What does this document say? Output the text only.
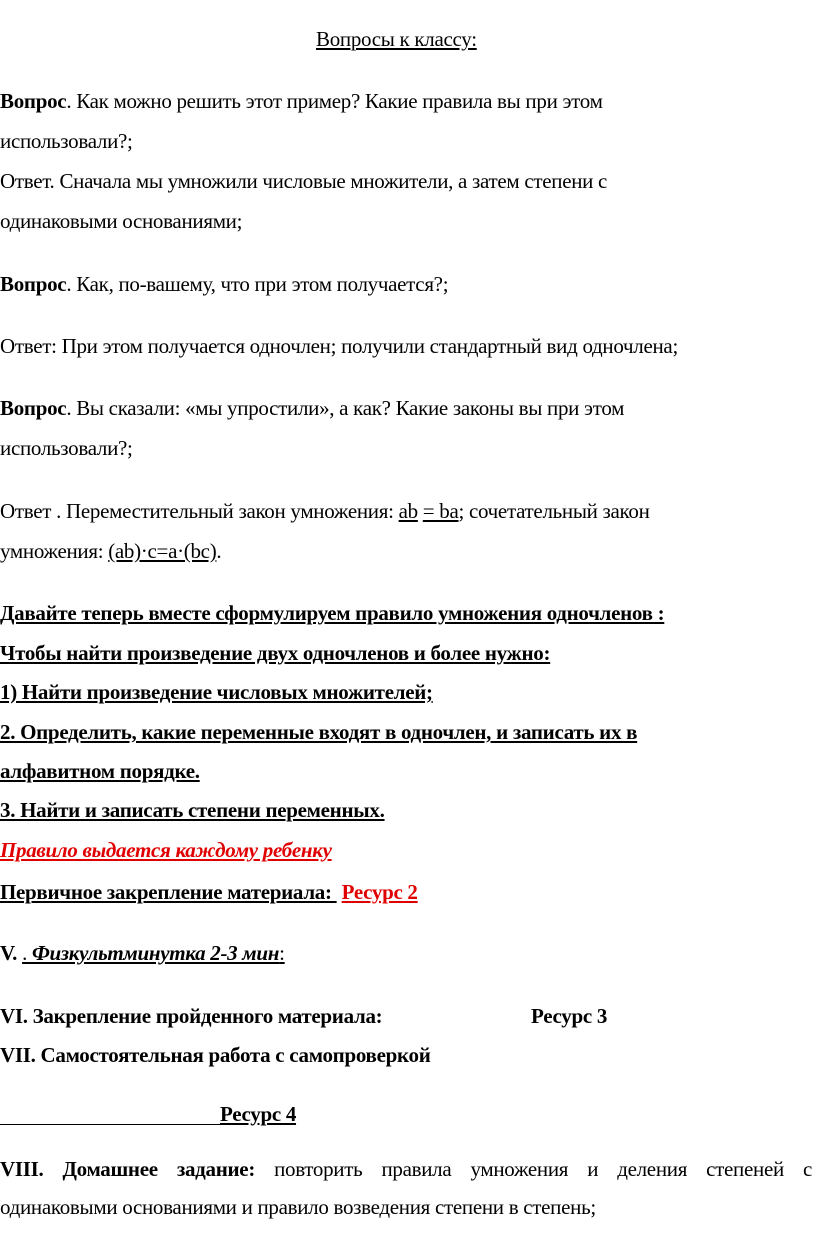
Вопросы к классу:
Вопрос. Как можно решить этот пример? Какие правила вы при этом
использовали?;
Ответ. Сначала мы умножили числовые множители, а затем степени с
одинаковыми основаниями;
Вопрос. Как, по-вашему, что при этом получается?;
Ответ: При этом получается одночлен; получили стандартный вид одночлена;
Вопрос. Вы сказали: «мы упростили», а как? Какие законы вы при этом
использовали?;
Ответ . Переместительный закон умножения: ab = ba; сочетательный закон
умножения: (ab)·c=a·(bc).
Давайте теперь вместе сформулируем правило умножения одночленов :
Чтобы найти произведение двух одночленов и более нужно:
1) Найти произведение числовых множителей;
2. Определить, какие переменные входят в одночлен, и записать их в
алфавитном порядке.
3. Найти и записать степени переменных.
Правило выдается каждому ребенку
Первичное закрепление материала:  Ресурс 2
V. . Физкультминутка 2-3 мин:
VI. Закрепление пройденного материала:	Ресурс 3
VII. Самостоятельная работа с самопроверкой
Ресурс 4
VIII. Домашнее задание: повторить правила умножения и деления степеней с
одинаковыми основаниями и правило возведения степени в степень;
